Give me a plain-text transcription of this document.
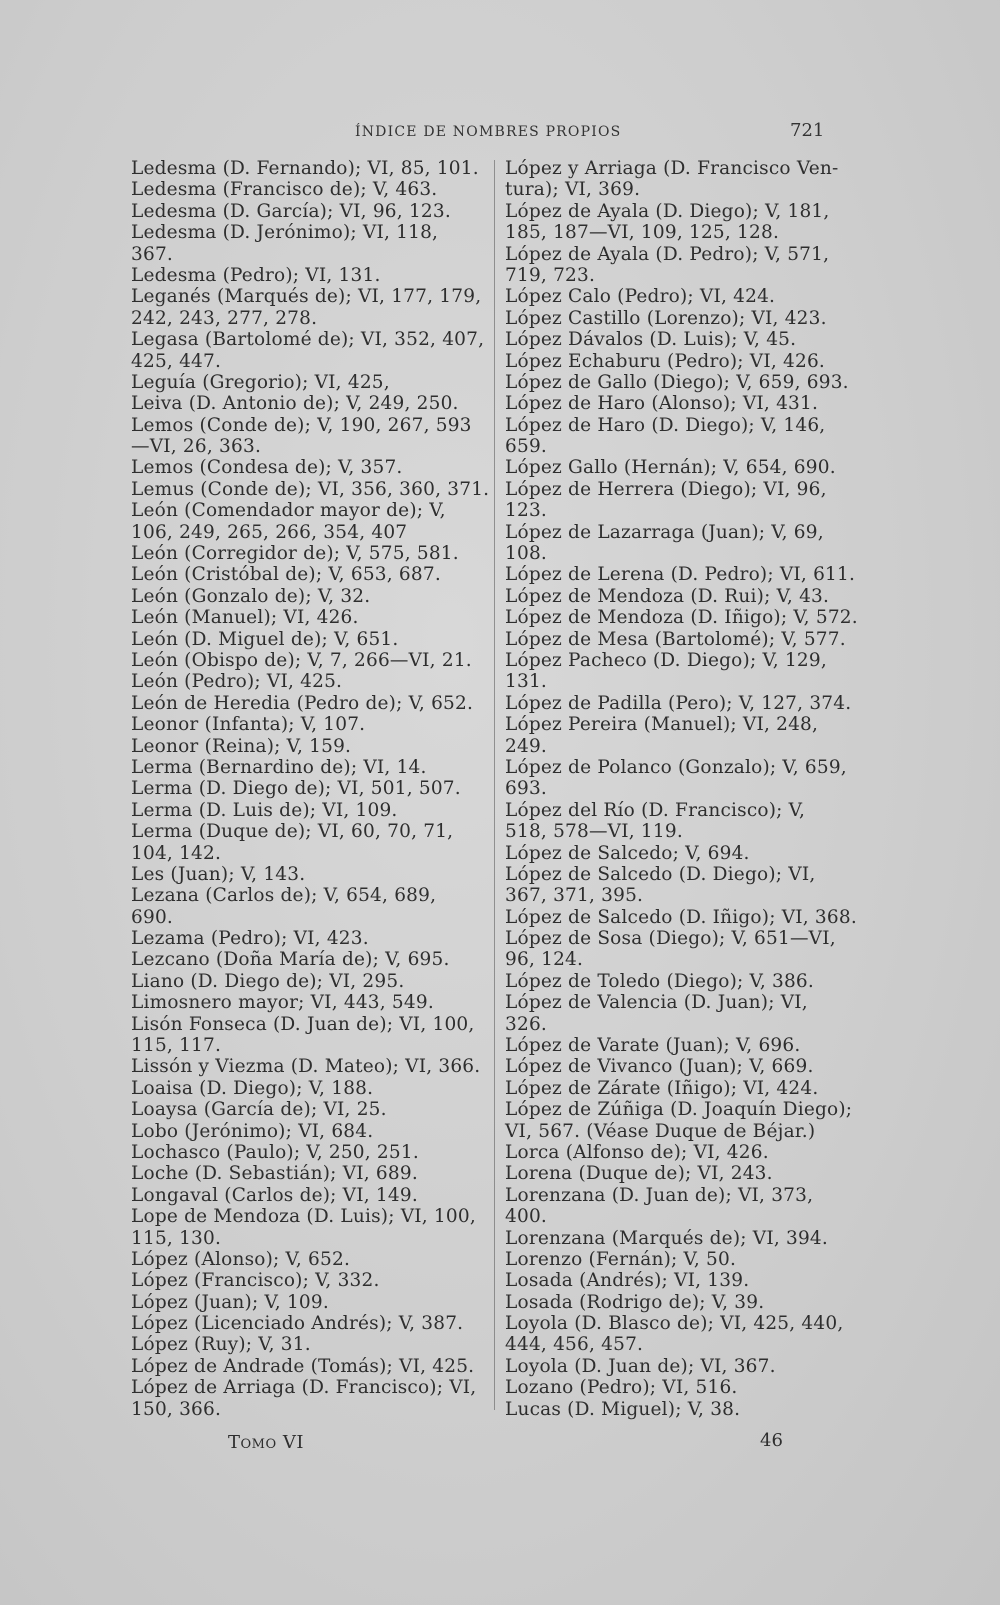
ÍNDICE DE NOMBRES PROPIOS	721
Ledesma (D. Fernando); VI, 85, 101.
Ledesma (Francisco de); V, 463.
Ledesma (D. García); VI, 96, 123.
Ledesma (D. Jerónimo); VI, 118,
367.
Ledesma (Pedro); VI, 131.
Leganés (Marqués de); VI, 177, 179,
242, 243, 277, 278.
Legasa (Bartolomé de); VI, 352, 407,
425, 447.
Leguía (Gregorio); VI, 425,
Leiva (D. Antonio de); V, 249, 250.
Lemos (Conde de); V, 190, 267, 593
—VI, 26, 363.
Lemos (Condesa de); V, 357.
Lemus (Conde de); VI, 356, 360, 371.
León (Comendador mayor de); V,
106, 249, 265, 266, 354, 407
León (Corregidor de); V, 575, 581.
León (Cristóbal de); V, 653, 687.
León (Gonzalo de); V, 32.
León (Manuel); VI, 426.
León (D. Miguel de); V, 651.
León (Obispo de); V, 7, 266—VI, 21.
León (Pedro); VI, 425.
León de Heredia (Pedro de); V, 652.
Leonor (Infanta); V, 107.
Leonor (Reina); V, 159.
Lerma (Bernardino de); VI, 14.
Lerma (D. Diego de); VI, 501, 507.
Lerma (D. Luis de); VI, 109.
Lerma (Duque de); VI, 60, 70, 71,
104, 142.
Les (Juan); V, 143.
Lezana (Carlos de); V, 654, 689,
690.
Lezama (Pedro); VI, 423.
Lezcano (Doña María de); V, 695.
Liano (D. Diego de); VI, 295.
Limosnero mayor; VI, 443, 549.
Lisón Fonseca (D. Juan de); VI, 100,
115, 117.
Lissón y Viezma (D. Mateo); VI, 366.
Loaisa (D. Diego); V, 188.
Loaysa (García de); VI, 25.
Lobo (Jerónimo); VI, 684.
Lochasco (Paulo); V, 250, 251.
Loche (D. Sebastián); VI, 689.
Longaval (Carlos de); VI, 149.
Lope de Mendoza (D. Luis); VI, 100,
115, 130.
López (Alonso); V, 652.
López (Francisco); V, 332.
López (Juan); V, 109.
López (Licenciado Andrés); V, 387.
López (Ruy); V, 31.
López de Andrade (Tomás); VI, 425.
López de Arriaga (D. Francisco); VI,
150, 366.
López y Arriaga (D. Francisco Ven-
tura); VI, 369.
López de Ayala (D. Diego); V, 181,
185, 187—VI, 109, 125, 128.
López de Ayala (D. Pedro); V, 571,
719, 723.
López Calo (Pedro); VI, 424.
López Castillo (Lorenzo); VI, 423.
López Dávalos (D. Luis); V, 45.
López Echaburu (Pedro); VI, 426.
López de Gallo (Diego); V, 659, 693.
López de Haro (Alonso); VI, 431.
López de Haro (D. Diego); V, 146,
659.
López Gallo (Hernán); V, 654, 690.
López de Herrera (Diego); VI, 96,
123.
López de Lazarraga (Juan); V, 69,
108.
López de Lerena (D. Pedro); VI, 611.
López de Mendoza (D. Rui); V, 43.
López de Mendoza (D. Iñigo); V, 572.
López de Mesa (Bartolomé); V, 577.
López Pacheco (D. Diego); V, 129,
131.
López de Padilla (Pero); V, 127, 374.
López Pereira (Manuel); VI, 248,
249.
López de Polanco (Gonzalo); V, 659,
693.
López del Río (D. Francisco); V,
518, 578—VI, 119.
López de Salcedo; V, 694.
López de Salcedo (D. Diego); VI,
367, 371, 395.
López de Salcedo (D. Iñigo); VI, 368.
López de Sosa (Diego); V, 651—VI,
96, 124.
López de Toledo (Diego); V, 386.
López de Valencia (D. Juan); VI,
326.
López de Varate (Juan); V, 696.
López de Vivanco (Juan); V, 669.
López de Zárate (Iñigo); VI, 424.
López de Zúñiga (D. Joaquín Diego);
VI, 567. (Véase Duque de Béjar.)
Lorca (Alfonso de); VI, 426.
Lorena (Duque de); VI, 243.
Lorenzana (D. Juan de); VI, 373,
400.
Lorenzana (Marqués de); VI, 394.
Lorenzo (Fernán); V, 50.
Losada (Andrés); VI, 139.
Losada (Rodrigo de); V, 39.
Loyola (D. Blasco de); VI, 425, 440,
444, 456, 457.
Loyola (D. Juan de); VI, 367.
Lozano (Pedro); VI, 516.
Lucas (D. Miguel); V, 38.
Tomo VI	46
